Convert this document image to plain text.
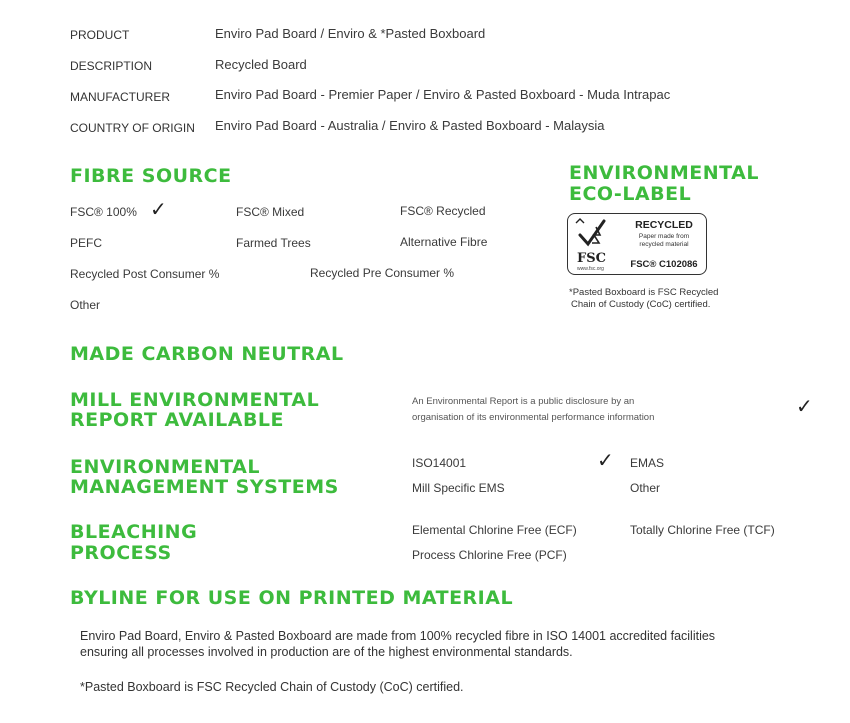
PRODUCT	Enviro Pad Board / Enviro & *Pasted Boxboard
DESCRIPTION	Recycled Board
MANUFACTURER	Enviro Pad Board - Premier Paper / Enviro & Pasted Boxboard - Muda Intrapac
COUNTRY OF ORIGIN Enviro Pad Board - Australia / Enviro & Pasted Boxboard - Malaysia
FIBRE SOURCE
FSC® 100% ✓	FSC® Mixed	FSC® Recycled
PEFC	Farmed Trees	Alternative Fibre
Recycled Post Consumer %	Recycled Pre Consumer %
Other
ENVIRONMENTAL
ECO-LABEL
FSC
www.fsc.org
RECYCLED
Paper made from
recycled material
FSC® C102086
*Pasted Boxboard is FSC Recycled
Chain of Custody (CoC) certified.
MADE CARBON NEUTRAL
MILL ENVIRONMENTAL
REPORT AVAILABLE
An Environmental Report is a public disclosure by an
organisation of its environmental performance information	✓
ENVIRONMENTAL
MANAGEMENT SYSTEMS
ISO14001	✓ EMAS
Mill Specific EMS	Other
BLEACHING
PROCESS
Elemental Chlorine Free (ECF)	Totally Chlorine Free (TCF)
Process Chlorine Free (PCF)
BYLINE FOR USE ON PRINTED MATERIAL
Enviro Pad Board, Enviro & Pasted Boxboard are made from 100% recycled fibre in ISO 14001 accredited facilities
ensuring all processes involved in production are of the highest environmental standards.
*Pasted Boxboard is FSC Recycled Chain of Custody (CoC) certified.
